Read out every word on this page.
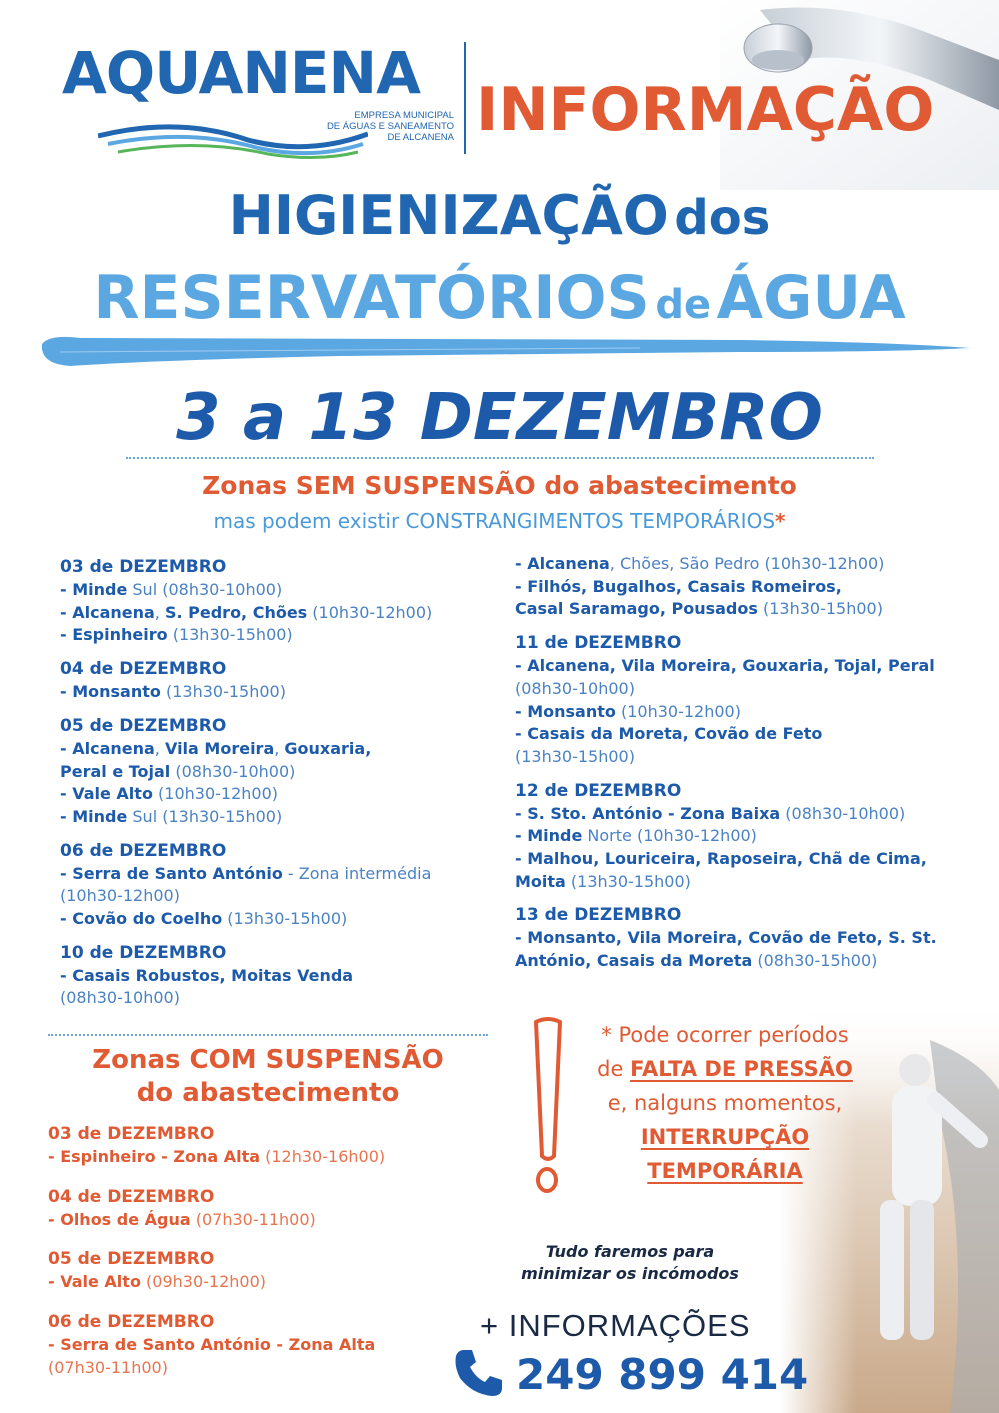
AQUANENA
EMPRESA MUNICIPAL
DE ÁGUAS E SANEAMENTO
DE ALCANENA INFORMAÇÃO
HIGIENIZAÇÃO dos
RESERVATÓRIOS de ÁGUA
3 a 13 DEZEMBRO
Zonas SEM SUSPENSÃO do abastecimento
mas podem existir CONSTRANGIMENTOS TEMPORÁRIOS*
03 de DEZEMBRO
- Minde Sul (08h30-10h00)
- Alcanena, S. Pedro, Chões (10h30-12h00)
- Espinheiro (13h30-15h00)
04 de DEZEMBRO
- Monsanto (13h30-15h00)
05 de DEZEMBRO
- Alcanena, Vila Moreira, Gouxaria,
Peral e Tojal (08h30-10h00)
- Vale Alto (10h30-12h00)
- Minde Sul (13h30-15h00)
06 de DEZEMBRO
- Serra de Santo António - Zona intermédia
(10h30-12h00)
- Covão do Coelho (13h30-15h00)
10 de DEZEMBRO
- Casais Robustos, Moitas Venda
(08h30-10h00)
- Alcanena, Chões, São Pedro (10h30-12h00)
- Filhós, Bugalhos, Casais Romeiros,
Casal Saramago, Pousados (13h30-15h00)
11 de DEZEMBRO
- Alcanena, Vila Moreira, Gouxaria, Tojal, Peral
(08h30-10h00)
- Monsanto (10h30-12h00)
- Casais da Moreta, Covão de Feto
(13h30-15h00)
12 de DEZEMBRO
- S. Sto. António - Zona Baixa (08h30-10h00)
- Minde Norte (10h30-12h00)
- Malhou, Louriceira, Raposeira, Chã de Cima,
Moita (13h30-15h00)
13 de DEZEMBRO
- Monsanto, Vila Moreira, Covão de Feto, S. St.
António, Casais da Moreta (08h30-15h00)
Zonas COM SUSPENSÃO
do abastecimento
03 de DEZEMBRO
- Espinheiro - Zona Alta (12h30-16h00)
04 de DEZEMBRO
- Olhos de Água (07h30-11h00)
05 de DEZEMBRO
- Vale Alto (09h30-12h00)
06 de DEZEMBRO
- Serra de Santo António - Zona Alta
(07h30-11h00)
* Pode ocorrer períodos
de FALTA DE PRESSÃO
e, nalguns momentos,
INTERRUPÇÃO
TEMPORÁRIA
Tudo faremos para
minimizar os incómodos
+ INFORMAÇÕES
249 899 414
